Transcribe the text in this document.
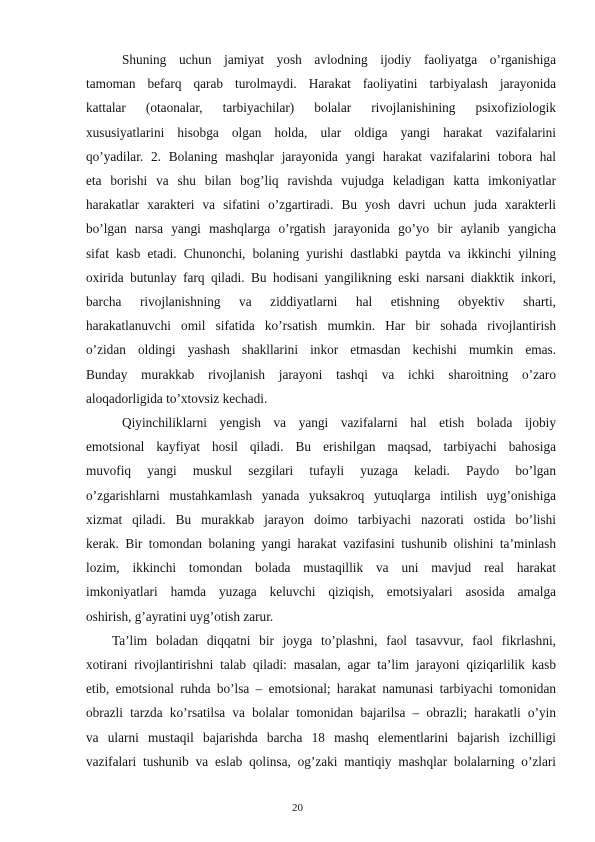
Shuning uchun jamiyat yosh avlodning ijodiy faoliyatga o’rganishiga
tamoman befarq qarab turolmaydi. Harakat faoliyatini tarbiyalash jarayonida
kattalar (otaonalar, tarbiyachilar) bolalar rivojlanishining psixofiziologik
xususiyatlarini hisobga olgan holda, ular oldiga yangi harakat vazifalarini
qo’yadilar. 2. Bolaning mashqlar jarayonida yangi harakat vazifalarini tobora hal
eta borishi va shu bilan bog’liq ravishda vujudga keladigan katta imkoniyatlar
harakatlar xarakteri va sifatini o’zgartiradi. Bu yosh davri uchun juda xarakterli
bo’lgan narsa yangi mashqlarga o’rgatish jarayonida go’yo bir aylanib yangicha
sifat kasb etadi. Chunonchi, bolaning yurishi dastlabki paytda va ikkinchi yilning
oxirida butunlay farq qiladi. Bu hodisani yangilikning eski narsani diakktik inkori,
barcha rivojlanishning va ziddiyatlarni hal etishning obyektiv sharti,
harakatlanuvchi omil sifatida ko’rsatish mumkin. Har bir sohada rivojlantirish
o’zidan oldingi yashash shakllarini inkor etmasdan kechishi mumkin emas.
Bunday murakkab rivojlanish jarayoni tashqi va ichki sharoitning o’zaro
aloqadorligida to’xtovsiz kechadi.

Qiyinchiliklarni yengish va yangi vazifalarni hal etish bolada ijobiy
emotsional kayfiyat hosil qiladi. Bu erishilgan maqsad, tarbiyachi bahosiga
muvofiq yangi muskul sezgilari tufayli yuzaga keladi. Paydo bo’lgan
o’zgarishlarni mustahkamlash yanada yuksakroq yutuqlarga intilish uyg’onishiga
xizmat qiladi. Bu murakkab jarayon doimo tarbiyachi nazorati ostida bo’lishi
kerak. Bir tomondan bolaning yangi harakat vazifasini tushunib olishini ta’minlash
lozim, ikkinchi tomondan bolada mustaqillik va uni mavjud real harakat
imkoniyatlari hamda yuzaga keluvchi qiziqish, emotsiyalari asosida amalga
oshirish, g’ayratini uyg’otish zarur.

Ta’lim boladan diqqatni bir joyga to’plashni, faol tasavvur, faol fikrlashni,
xotirani rivojlantirishni talab qiladi: masalan, agar ta’lim jarayoni qiziqarlilik kasb
etib, emotsional ruhda bo’lsa – emotsional; harakat namunasi tarbiyachi tomonidan
obrazli tarzda ko’rsatilsa va bolalar tomonidan bajarilsa – obrazli; harakatli o’yin
va ularni mustaqil bajarishda barcha 18 mashq elementlarini bajarish izchilligi
vazifalari tushunib va eslab qolinsa, og’zaki mantiqiy mashqlar bolalarning o’zlari

20
